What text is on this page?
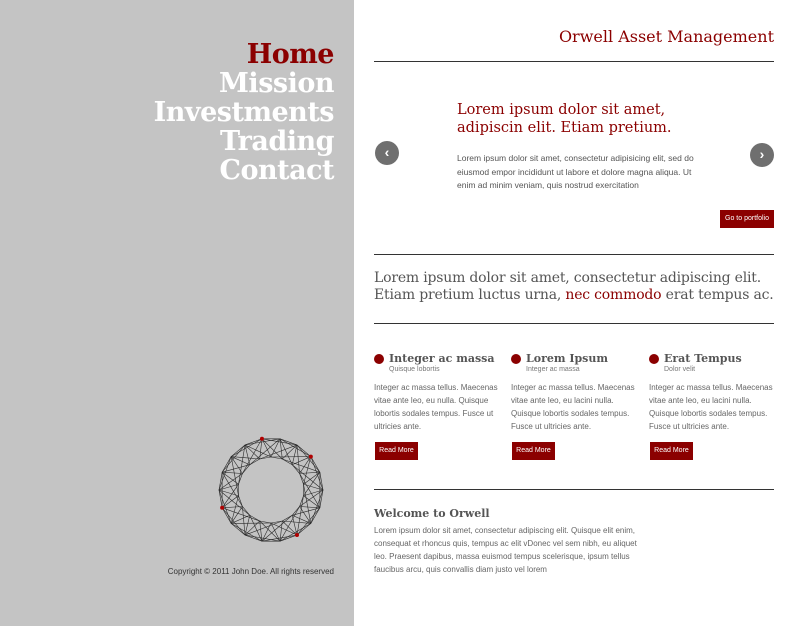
Home
Mission
Investments
Trading
Contact
Copyright © 2011 John Doe. All rights reserved
Orwell Asset Management
‹
Lorem ipsum dolor sit amet, adipiscin elit. Etiam pretium.
Lorem ipsum dolor sit amet, consectetur adipisicing elit, sed do eiusmod empor incididunt ut labore et dolore magna aliqua. Ut enim ad minim veniam, quis nostrud exercitation
›
Go to portfolio
Lorem ipsum dolor sit amet, consectetur adipiscing elit. Etiam pretium luctus urna, nec commodo erat tempus ac.
Integer ac massa
Quisque lobortis
Integer ac massa tellus. Maecenas vitae ante leo, eu nulla. Quisque lobortis sodales tempus. Fusce ut ultricies ante.
Read More
Lorem Ipsum
Integer ac massa
Integer ac massa tellus. Maecenas vitae ante leo, eu lacini nulla. Quisque lobortis sodales tempus. Fusce ut ultricies ante.
Read More
Erat Tempus
Dolor velit
Integer ac massa tellus. Maecenas vitae ante leo, eu lacini nulla. Quisque lobortis sodales tempus. Fusce ut ultricies ante.
Read More
Welcome to Orwell
Lorem ipsum dolor sit amet, consectetur adipiscing elit. Quisque elit enim, consequat et rhoncus quis, tempus ac elit vDonec vel sem nibh, eu aliquet leo. Praesent dapibus, massa euismod tempus scelerisque, ipsum tellus faucibus arcu, quis convallis diam justo vel lorem
